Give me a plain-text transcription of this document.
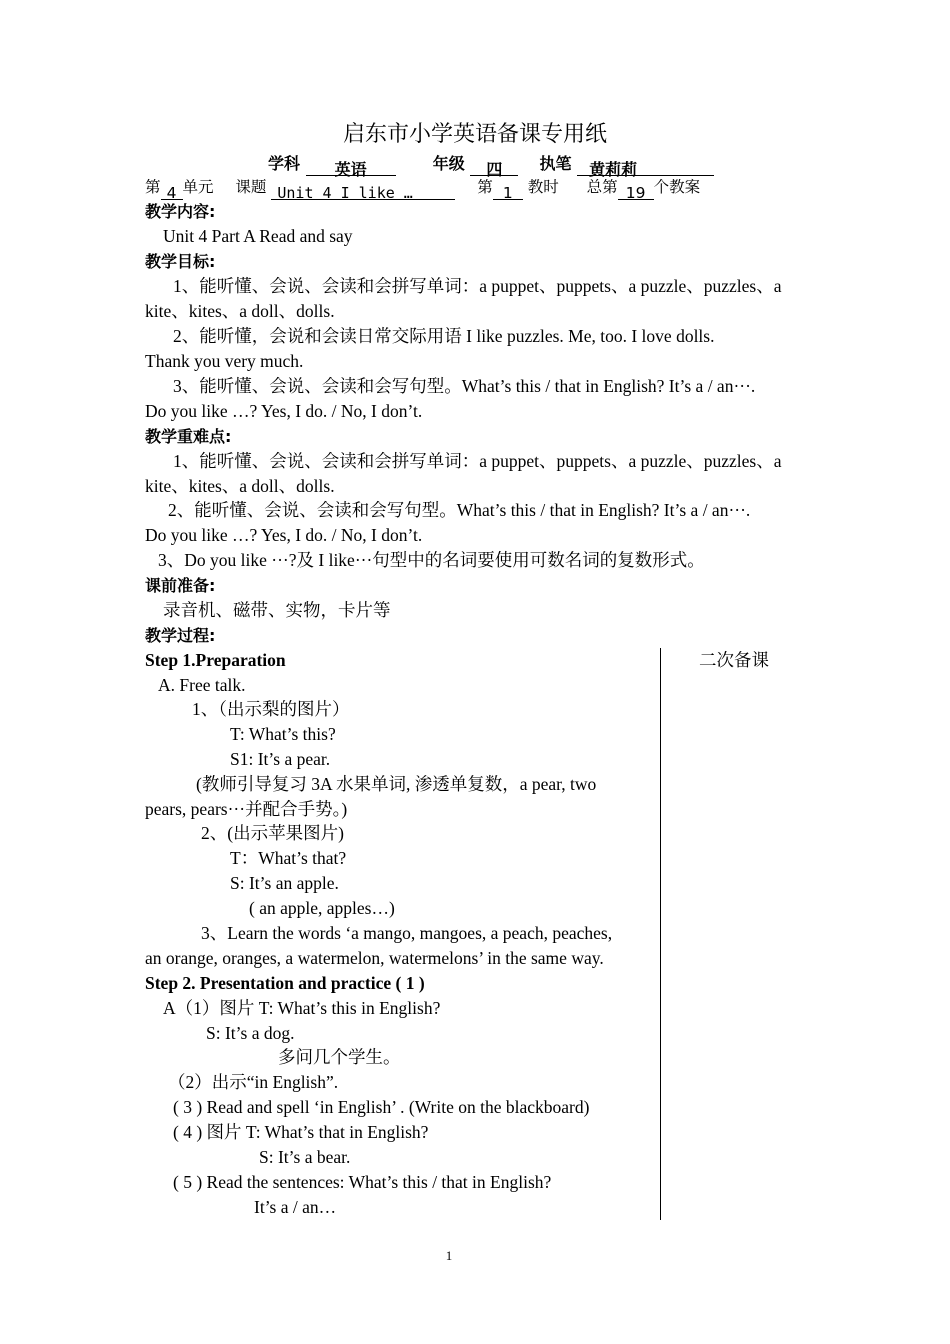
启东市小学英语备课专用纸
学科 英语	年级 四 执笔 黄莉莉
第 4 单元 课题 Unit 4 I like …	第 1 教时 总第 19 个教案
教学内容:
Unit 4 Part A Read and say
教学目标:
1、能听懂、会说、会读和会拼写单词：a puppet、puppets、a puzzle、puzzles、a
kite、kites、a doll、dolls.
2、能听懂，会说和会读日常交际用语 I like puzzles. Me, too. I love dolls.
Thank you very much.
3、能听懂、会说、会读和会写句型。What’s this / that in English? It’s a / an···.
Do you like …? Yes, I do. / No, I don’t.
教学重难点:
1、能听懂、会说、会读和会拼写单词：a puppet、puppets、a puzzle、puzzles、a
kite、kites、a doll、dolls.
2、能听懂、会说、会读和会写句型。What’s this / that in English? It’s a / an···.
Do you like …? Yes, I do. / No, I don’t.
3、Do you like ···?及 I like···句型中的名词要使用可数名词的复数形式。
课前准备:
录音机、磁带、实物，卡片等
教学过程:
二次备课
Step 1.Preparation
A. Free talk.
1、（出示梨的图片）
T: What’s this?
S1: It’s a pear.
(教师引导复习 3A 水果单词, 渗透单复数，a pear, two
pears, pears···并配合手势。)
2、(出示苹果图片)
T：What’s that?
S: It’s an apple.
( an apple, apples…)
3、Learn the words ‘a mango, mangoes, a peach, peaches,
an orange, oranges, a watermelon, watermelons’ in the same way.
Step 2. Presentation and practice ( 1 )
A（1）图片 T: What’s this in English?
S: It’s a dog.
多问几个学生。
（2）出示“in English”.
( 3 ) Read and spell ‘in English’ . (Write on the blackboard)
( 4 ) 图片 T: What’s that in English?
S: It’s a bear.
( 5 ) Read the sentences: What’s this / that in English?
It’s a / an…
1
